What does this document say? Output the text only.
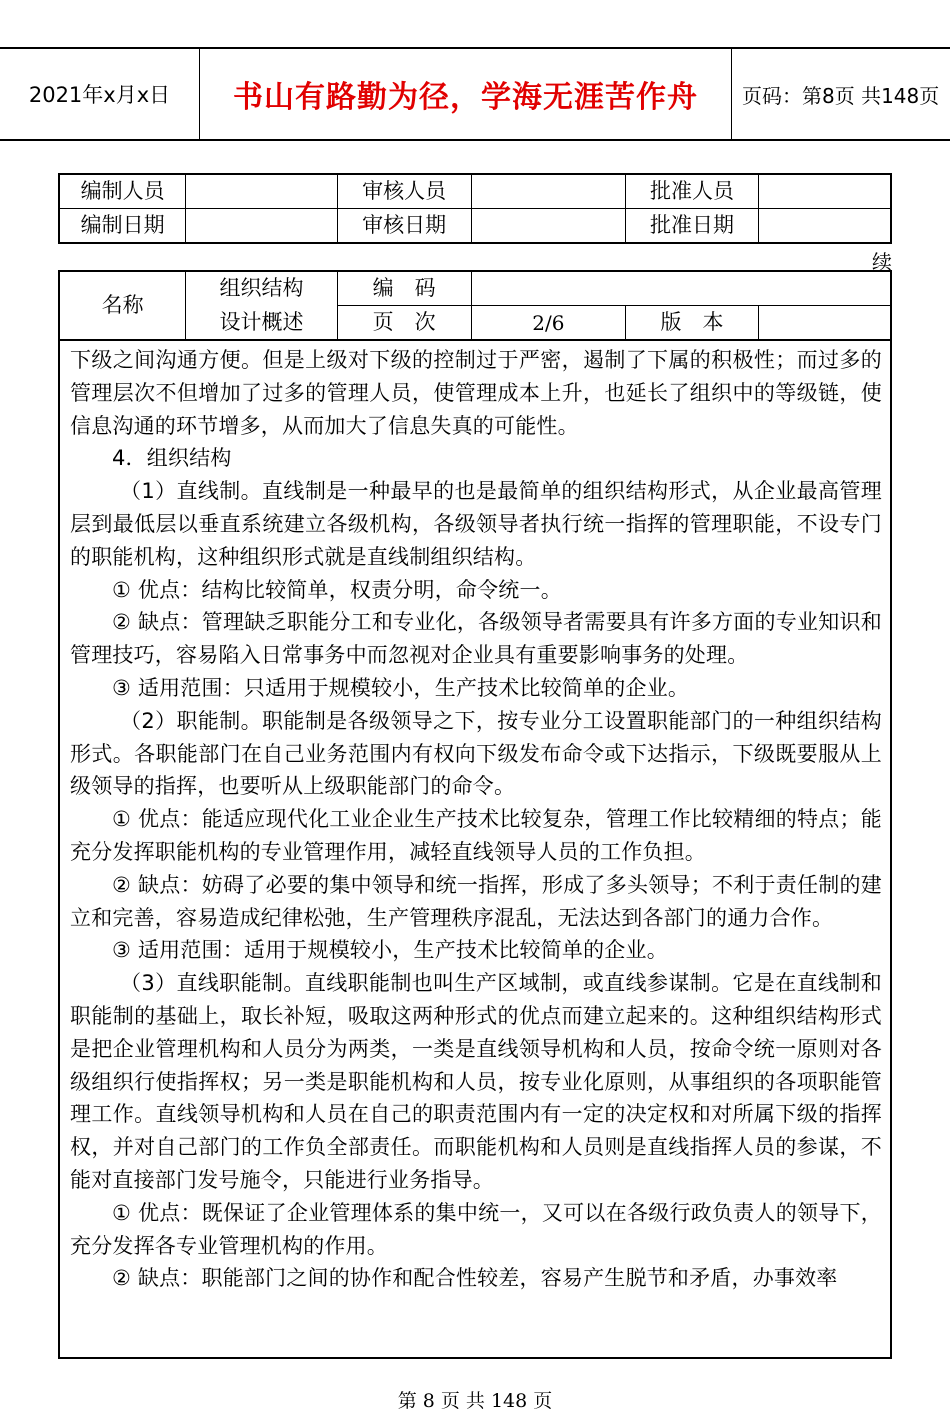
2021年x月x日	书山有路勤为径，学海无涯苦作舟	页码：第8页 共148页
编制人员		审核人员		批准人员	
编制日期		审核日期		批准日期	
续
名称	组织结构	编　码			
	设计概述	页　次	2/6	版　本	

下级之间沟通方便。但是上级对下级的控制过于严密，遏制了下属的积极性；而过多的管理层次不但增加了过多的管理人员，使管理成本上升，也延长了组织中的等级链，使信息沟通的环节增多，从而加大了信息失真的可能性。

4．组织结构

（1）直线制。直线制是一种最早的也是最简单的组织结构形式，从企业最高管理层到最低层以垂直系统建立各级机构，各级领导者执行统一指挥的管理职能，不设专门的职能机构，这种组织形式就是直线制组织结构。

① 优点：结构比较简单，权责分明，命令统一。

② 缺点：管理缺乏职能分工和专业化，各级领导者需要具有许多方面的专业知识和管理技巧，容易陷入日常事务中而忽视对企业具有重要影响事务的处理。

③ 适用范围：只适用于规模较小，生产技术比较简单的企业。

（2）职能制。职能制是各级领导之下，按专业分工设置职能部门的一种组织结构形式。各职能部门在自己业务范围内有权向下级发布命令或下达指示，下级既要服从上级领导的指挥，也要听从上级职能部门的命令。

① 优点：能适应现代化工业企业生产技术比较复杂，管理工作比较精细的特点；能充分发挥职能机构的专业管理作用，减轻直线领导人员的工作负担。

② 缺点：妨碍了必要的集中领导和统一指挥，形成了多头领导；不利于责任制的建立和完善，容易造成纪律松弛，生产管理秩序混乱，无法达到各部门的通力合作。

③ 适用范围：适用于规模较小，生产技术比较简单的企业。

（3）直线职能制。直线职能制也叫生产区域制，或直线参谋制。它是在直线制和职能制的基础上，取长补短，吸取这两种形式的优点而建立起来的。这种组织结构形式是把企业管理机构和人员分为两类，一类是直线领导机构和人员，按命令统一原则对各级组织行使指挥权；另一类是职能机构和人员，按专业化原则，从事组织的各项职能管理工作。直线领导机构和人员在自己的职责范围内有一定的决定权和对所属下级的指挥权，并对自己部门的工作负全部责任。而职能机构和人员则是直线指挥人员的参谋，不能对直接部门发号施令，只能进行业务指导。

① 优点：既保证了企业管理体系的集中统一，又可以在各级行政负责人的领导下，充分发挥各专业管理机构的作用。

② 缺点：职能部门之间的协作和配合性较差，容易产生脱节和矛盾，办事效率

第 8 页 共 148 页
